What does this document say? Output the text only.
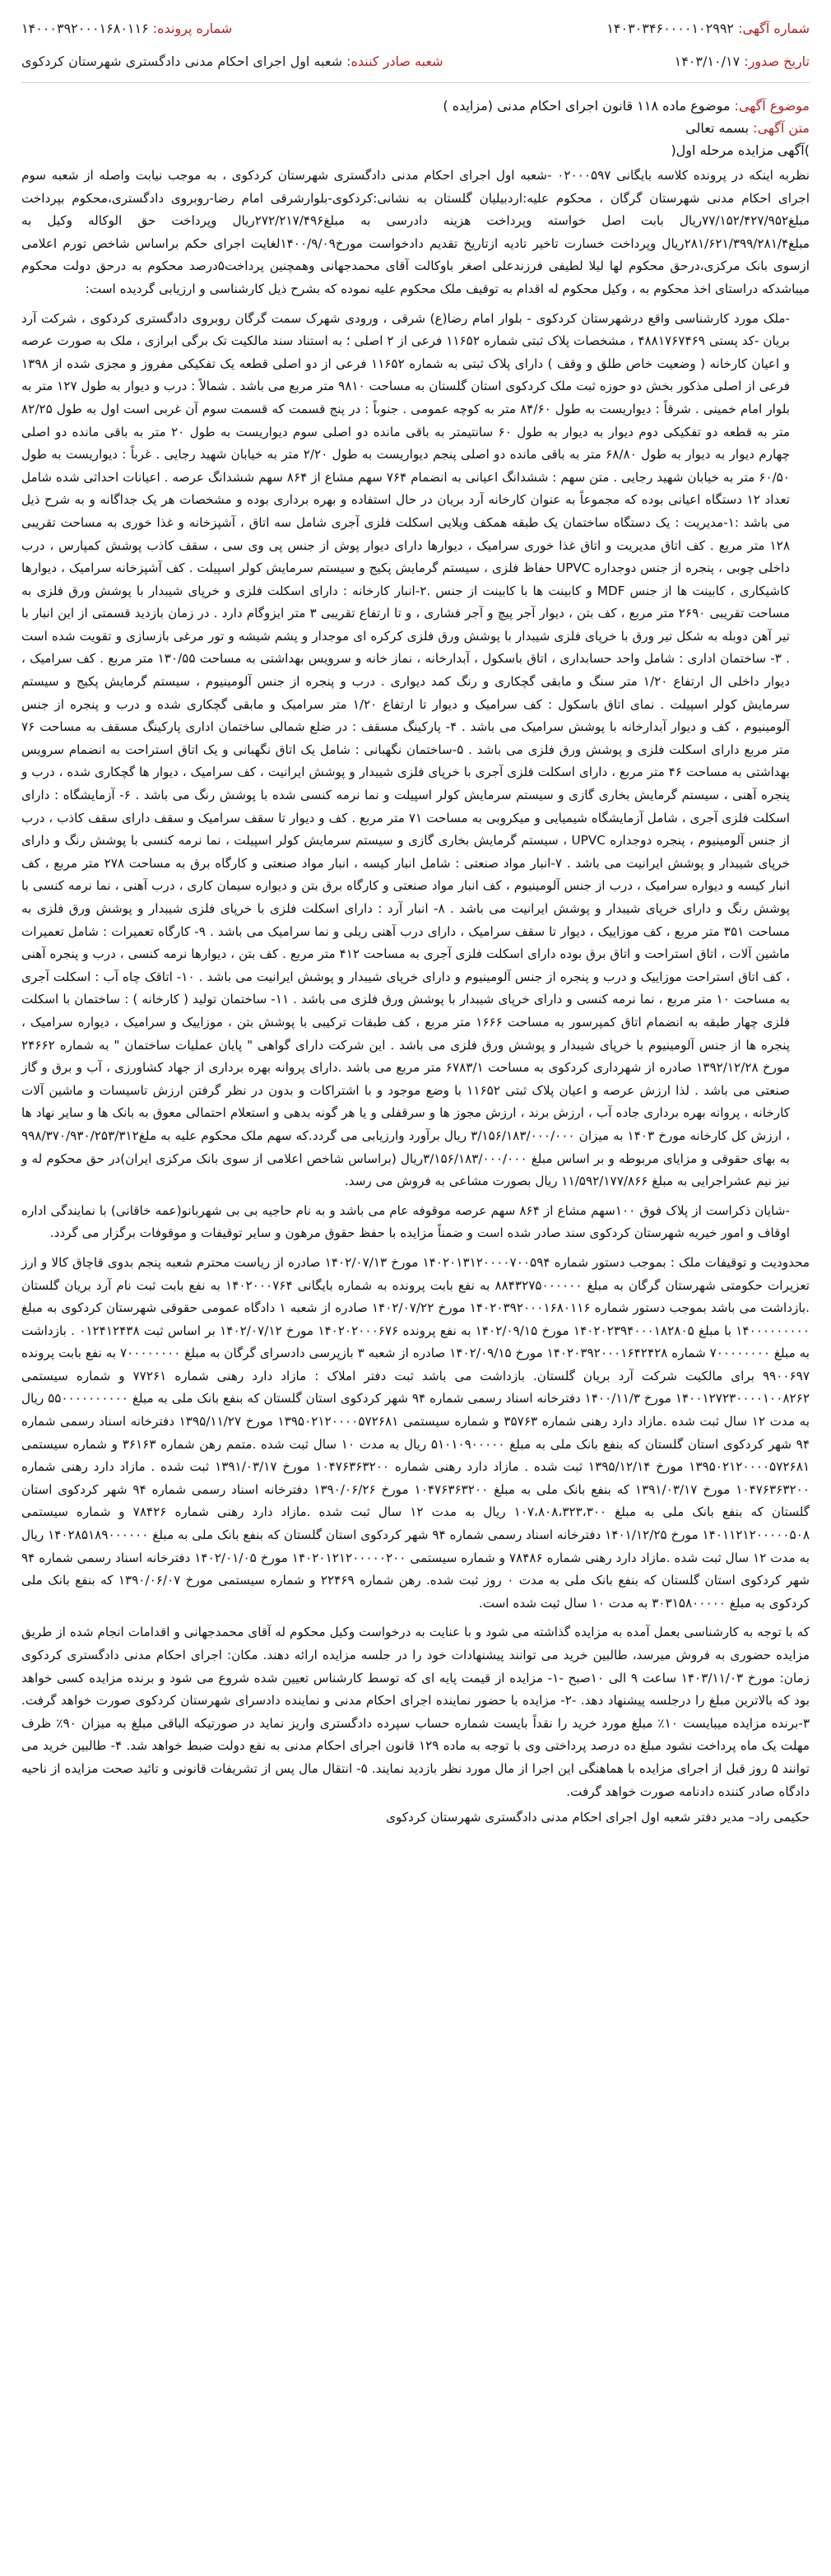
شماره آگهی: ۱۴۰۳۰۳۴۶۰۰۰۰۱۰۲۹۹۲
شماره پرونده: ۱۴۰۰۰۳۹۲۰۰۰۱۶۸۰۱۱۶
تاریخ صدور: ۱۴۰۳/۱۰/۱۷
شعبه صادر کننده: شعبه اول اجرای احکام مدنی دادگستری شهرستان کردکوی
موضوع آگهی: موضوع ماده ۱۱۸ قانون اجرای احکام مدنی (مزایده )
متن آگهی: بسمه تعالی
)آگهی مزایده مرحله اول(

نظربه اینکه در پرونده کلاسه بایگانی ۰۲۰۰۰۵۹۷ -شعبه اول اجرای احکام مدنی دادگستری شهرستان کردکوی ، به موجب نیابت واصله از شعبه سوم اجرای احکام مدنی شهرستان گرگان ، محکوم علیه:اردبیلیان گلستان به نشانی:کردکوی-بلوارشرقی امام رضا-روبروی دادگستری،محکوم بپرداخت مبلغ۷۷/۱۵۲/۴۲۷/۹۵۲ریال بابت اصل خواسته وپرداخت هزینه دادرسی به مبلغ۲۷۲/۲۱۷/۴۹۶ریال وپرداخت حق الوکاله وکیل به مبلغ۲۸۱/۶۲۱/۳۹۹/۲۸۱/۴ریال وپرداخت خسارت تاخیر تادیه ازتاریخ تقدیم دادخواست مورخ۱۴۰۰/۹/۰۹لغایت اجرای حکم براساس شاخص تورم اعلامی ازسوی بانک مرکزی،درحق محکوم لها لیلا لطیفی فرزندعلی اصغر باوکالت آقای محمدجهانی وهمچنین پرداخت۵درصد محکوم به درحق دولت محکوم میباشدکه دراستای اخذ محکوم به ، وکیل محکوم له اقدام به توقیف ملک محکوم علیه نموده که بشرح ذیل کارشناسی و ارزیابی گردیده است:

-ملک مورد کارشناسی واقع درشهرستان کردکوی - بلوار امام رضا(ع) شرقی ، ورودی شهرک سمت گرگان روبروی دادگستری کردکوی ، شرکت آرد بریان -کد پستی ۴۸۸۱۷۶۷۴۶۹ ، مشخصات پلاک ثبتی شماره ۱۱۶۵۲ فرعی از ۲ اصلی ؛ به استناد سند مالکیت تک برگی ابرازی ، ملک به صورت عرصه و اعیان کارخانه ( وضعیت خاص طلق و وقف ) دارای پلاک ثبتی به شماره ۱۱۶۵۲ فرعی از دو اصلی قطعه یک تفکیکی مفروز و مجزی شده از ۱۳۹۸ فرعی از اصلی مذکور بخش دو حوزه ثبت ملک کردکوی استان گلستان به مساحت ۹۸۱۰ متر مربع می باشد . شمالاً : درب و دیوار به طول ۱۲۷ متر به بلوار امام خمینی . شرقاً : دیواریست به طول ۸۴/۶۰ متر به کوچه عمومی . جنوباً : در پنج قسمت که قسمت سوم آن غربی است اول به طول ۸۲/۲۵ متر به قطعه دو تفکیکی دوم دیوار به دیوار به طول ۶۰ سانتیمتر به باقی مانده دو اصلی سوم دیواریست به طول ۲۰ متر به باقی مانده دو اصلی چهارم دیوار به دیوار به طول ۶۸/۸۰ متر به باقی مانده دو اصلی پنجم دیواریست به طول ۲/۲۰ متر به خیابان شهید رجایی . غرباً : دیواریست به طول ۶۰/۵۰ متر به خیابان شهید رجایی . متن سهم : ششدانگ اعیانی به انضمام ۷۶۴ سهم مشاع از ۸۶۴ سهم ششدانگ عرصه . اعیانات احداثی شده شامل تعداد ۱۲ دستگاه اعیانی بوده که مجموعاً به عنوان کارخانه آرد بریان در حال استفاده و بهره برداری بوده و مشخصات هر یک جداگانه و به شرح ذیل می باشد :۱-مدیریت : یک دستگاه ساختمان یک طبقه همکف ویلایی اسکلت فلزی آجری شامل سه اتاق ، آشپزخانه و غذا خوری به مساحت تقریبی ۱۲۸ متر مربع . کف اتاق مدیریت و اتاق غذا خوری سرامیک ، دیوارها دارای دیوار پوش از جنس پی وی سی ، سقف کاذب پوشش کمپارس ، درب داخلی چوبی ، پنجره از جنس دوجداره UPVC حفاظ فلزی ، سیستم گرمایش پکیج و سیستم سرمایش کولر اسپیلت . کف آشپزخانه سرامیک ، دیوارها کاشیکاری ، کابینت ها از جنس MDF و کابینت ها با کابینت از جنس .۲-انبار کارخانه : دارای اسکلت فلزی و خرپای شیبدار با پوشش ورق فلزی به مساحت تقریبی ۲۶۹۰ متر مربع ، کف بتن ، دیوار آجر پیچ و آجر فشاری ، و تا ارتفاع تقریبی ۳ متر ایزوگام دارد . در زمان بازدید قسمتی از این انبار با تیر آهن دوبله به شکل تیر ورق با خرپای فلزی شیبدار با پوشش ورق فلزی کرکره ای موجدار و پشم شیشه و تور مرغی بازسازی و تقویت شده است . ۳- ساختمان اداری : شامل واحد حسابداری ، اتاق باسکول ، آبدارخانه ، نماز خانه و سرویس بهداشتی به مساحت ۱۳۰/۵۵ متر مربع . کف سرامیک ، دیوار داخلی ال ارتفاع ۱/۲۰ متر سنگ و مابقی گچکاری و رنگ کمد دیواری . درب و پنجره از جنس آلومینیوم ، سیستم گرمایش پکیج و سیستم سرمایش کولر اسپیلت . نمای اتاق باسکول : کف سرامیک و دیوار تا ارتفاع ۱/۲۰ متر سرامیک و مابقی گچکاری شده و درب و پنجره از جنس آلومینیوم ، کف و دیوار آبدارخانه با پوشش سرامیک می باشد . ۴- پارکینگ مسقف : در ضلع شمالی ساختمان اداری پارکینگ مسقف به مساحت ۷۶ متر مربع دارای اسکلت فلزی و پوشش ورق فلزی می باشد . ۵-ساختمان نگهبانی : شامل یک اتاق نگهبانی و یک اتاق استراحت به انضمام سرویس بهداشتی به مساحت ۴۶ متر مربع ، دارای اسکلت فلزی آجری با خرپای فلزی شیبدار و پوشش ایرانیت ، کف سرامیک ، دیوار ها گچکاری شده ، درب و پنجره آهنی ، سیستم گرمایش بخاری گازی و سیستم سرمایش کولر اسپیلت و نما نرمه کنسی شده با پوشش رنگ می باشد . ۶- آزمایشگاه : دارای اسکلت فلزی آجری ، شامل آزمایشگاه شیمیایی و میکروبی به مساحت ۷۱ متر مربع . کف و دیوار تا سقف سرامیک و سقف دارای سقف کاذب ، درب از جنس آلومینیوم ، پنجره دوجداره UPVC ، سیستم گرمایش بخاری گازی و سیستم سرمایش کولر اسپیلت ، نما نرمه کنسی با پوشش رنگ و دارای خرپای شیبدار و پوشش ایرانیت می باشد . ۷-انبار مواد صنعتی : شامل انبار کیسه ، انبار مواد صنعتی و کارگاه برق به مساحت ۲۷۸ متر مربع ، کف انبار کیسه و دیواره سرامیک ، درب از جنس آلومینیوم ، کف انبار مواد صنعتی و کارگاه برق بتن و دیواره سیمان کاری ، درب آهنی ، نما نرمه کنسی با پوشش رنگ و دارای خرپای شیبدار و پوشش ایرانیت می باشد . ۸- انبار آرد : دارای اسکلت فلزی با خرپای فلزی شیبدار و پوشش ورق فلزی به مساحت ۳۵۱ متر مربع ، کف موزاییک ، دیوار تا سقف سرامیک ، دارای درب آهنی ریلی و نما سرامیک می باشد . ۹- کارگاه تعمیرات : شامل تعمیرات ماشین آلات ، اتاق استراحت و اتاق برق بوده دارای اسکلت فلزی آجری به مساحت ۴۱۲ متر مربع . کف بتن ، دیوارها نرمه کنسی ، درب و پنجره آهنی ، کف اتاق استراحت موزاییک و درب و پنجره از جنس آلومینیوم و دارای خرپای شیبدار و پوشش ایرانیت می باشد . ۱۰- اتاقک چاه آب : اسکلت آجری به مساحت ۱۰ متر مربع ، نما نرمه کنسی و دارای خرپای شیبدار با پوشش ورق فلزی می باشد . ۱۱- ساختمان تولید ( کارخانه ) : ساختمان با اسکلت فلزی چهار طبقه به انضمام اتاق کمپرسور به مساحت ۱۶۶۶ متر مربع ، کف طبقات ترکیبی با پوشش بتن ، موزاییک و سرامیک ، دیواره سرامیک ، پنجره ها از جنس آلومینیوم با خرپای شیبدار و پوشش ورق فلزی می باشد . این شرکت دارای گواهی " پایان عملیات ساختمان " به شماره ۲۴۶۶۲ مورخ ۱۳۹۲/۱۲/۲۸ صادره از شهرداری کردکوی به مساحت ۶۷۸۳/۱ متر مربع می باشد .دارای پروانه بهره برداری از جهاد کشاورزی ، آب و برق و گاز صنعتی می باشد . لذا ارزش عرصه و اعیان پلاک ثبتی ۱۱۶۵۲ با وضع موجود و با اشتراکات و بدون در نظر گرفتن ارزش تاسیسات و ماشین آلات کارخانه ، پروانه بهره برداری جاده آب ، ارزش برند ، ارزش مجوز ها و سرقفلی و یا هر گونه بدهی و استعلام احتمالی معوق به بانک ها و سایر نهاد ها ، ارزش کل کارخانه مورخ ۱۴۰۳ به میزان ۳/۱۵۶/۱۸۳/۰۰۰/۰۰۰ ریال برآورد وارزیابی می گردد.که سهم ملک محکوم علیه به ملغ۹۹۸/۳۷۰/۹۳۰/۲۵۳/۳۱۲ به بهای حقوقی و مزایای مربوطه و بر اساس مبلغ ۳/۱۵۶/۱۸۳/۰۰۰/۰۰۰ریال (براساس شاخص اعلامی از سوی بانک مرکزی ایران)در حق محکوم له و نیز نیم عشراجرایی به مبلغ ۱۱/۵۹۲/۱۷۷/۸۶۶ ریال بصورت مشاعی به فروش می رسد.

-شایان ذکراست از پلاک فوق ۱۰۰سهم مشاع از ۸۶۴ سهم عرصه موقوفه عام می باشد و به نام حاجیه بی بی شهربانو(عمه خاقانی) با نمایندگی اداره اوقاف و امور خیریه شهرستان کردکوی سند صادر شده است و ضمناً مزایده با حفظ حقوق مرهون و سایر توقیفات و موقوفات برگزار می گردد.

محدودیت و توقیفات ملک : بموجب دستور شماره ۱۴۰۲۰۱۳۱۲۰۰۰۰۷۰۰۵۹۴ مورخ ۱۴۰۲/۰۷/۱۳ صادره از ریاست محترم شعبه پنجم بدوی قاچاق کالا و ارز تعزیرات حکومتی شهرستان گرگان به مبلغ ۸۸۴۳۲۷۵۰۰۰۰۰۰ به نفع بابت پرونده به شماره بایگانی ۱۴۰۲۰۰۰۷۶۴ به نفع بابت ثبت نام آرد بریان گلستان .بازداشت می باشد بموجب دستور شماره ۱۴۰۲۰۳۹۲۰۰۰۱۶۸۰۱۱۶ مورخ ۱۴۰۲/۰۷/۲۲ صادره از شعبه ۱ دادگاه عمومی حقوقی شهرستان کردکوی به مبلغ ۱۴۰۰۰۰۰۰۰۰۰ با مبلغ ۱۴۰۲۰۲۳۹۴۰۰۰۱۸۲۸۰۵ مورخ ۱۴۰۲/۰۹/۱۵ به نفع پرونده ۱۴۰۲۰۲۰۰۰۶۷۶ مورخ ۱۴۰۲/۰۷/۱۲ بر اساس ثبت ۰۱۲۴۱۲۴۳۸ . بازداشت به مبلغ ۷۰۰۰۰۰۰۰۰ شماره ۱۴۰۲۰۳۹۲۰۰۰۱۶۴۲۴۲۸ مورخ ۱۴۰۲/۰۹/۱۵ صادره از شعبه ۳ بازپرسی دادسرای گرگان به مبلغ ۷۰۰۰۰۰۰۰۰ به نفع بابت پرونده ۹۹۰۰۶۹۷ برای مالکیت شرکت آرد بریان گلستان. بازداشت می باشد ثبت دفتر املاک : مازاد دارد رهنی شماره ۷۷۲۶۱ و شماره سیستمی ۱۴۰۰۱۲۷۲۳۰۰۰۰۱۰۰۸۲۶۲ مورخ ۱۴۰۰/۱۱/۳ دفترخانه اسناد رسمی شماره ۹۴ شهر کردکوی استان گلستان که بنفع بانک ملی به مبلغ ۵۵۰۰۰۰۰۰۰۰۰۰ ریال به مدت ۱۲ سال ثبت شده .مازاد دارد رهنی شماره ۳۵۷۶۳ و شماره سیستمی ۱۳۹۵۰۲۱۲۰۰۰۰۵۷۲۶۸۱ مورخ ۱۳۹۵/۱۱/۲۷ دفترخانه اسناد رسمی شماره ۹۴ شهر کردکوی استان گلستان که بنفع بانک ملی به مبلغ ۵۱۰۱۰۹۰۰۰۰۰ ریال به مدت ۱۰ سال ثبت شده .متمم رهن شماره ۳۶۱۶۳ و شماره سیستمی ۱۳۹۵۰۲۱۲۰۰۰۰۵۷۲۶۸۱ مورخ ۱۳۹۵/۱۲/۱۴ ثبت شده . مازاد دارد رهنی شماره ۱۰۴۷۶۳۶۳۲۰۰ مورخ ۱۳۹۱/۰۳/۱۷ ثبت شده . مازاد دارد رهنی شماره ۱۰۴۷۶۳۶۳۲۰۰ مورخ ۱۳۹۱/۰۳/۱۷ که بنفع بانک ملی به مبلغ ۱۰۴۷۶۳۶۳۲۰۰ مورخ ۱۳۹۰/۰۶/۲۶ دفترخانه اسناد رسمی شماره ۹۴ شهر کردکوی استان گلستان که بنفع بانک ملی به مبلغ ۱۰۷،۸۰۸،۳۲۳،۳۰۰ ریال به مدت ۱۲ سال ثبت شده .مازاد دارد رهنی شماره ۷۸۴۲۶ و شماره سیستمی ۱۴۰۱۱۲۱۲۰۰۰۰۰۵۰۸ مورخ ۱۴۰۱/۱۲/۲۵ دفترخانه اسناد رسمی شماره ۹۴ شهر کردکوی استان گلستان که بنفع بانک ملی به مبلغ ۱۴۰۲۸۵۱۸۹۰۰۰۰۰۰ ریال به مدت ۱۲ سال ثبت شده .مازاد دارد رهنی شماره ۷۸۴۸۶ و شماره سیستمی ۱۴۰۲۰۱۲۱۲۰۰۰۰۰۲۰۰ مورخ ۱۴۰۲/۰۱/۰۵ دفترخانه اسناد رسمی شماره ۹۴ شهر کردکوی استان گلستان که بنفع بانک ملی به مدت ۰ روز ثبت شده. رهن شماره ۲۲۴۶۹ و شماره سیستمی مورخ ۱۳۹۰/۰۶/۰۷ که بنفع بانک ملی کردکوی به مبلغ ۳۰۳۱۵۸۰۰۰۰۰ به مدت ۱۰ سال ثبت شده است.

که با توجه به کارشناسی بعمل آمده به مزایده گذاشته می شود و با عنایت به درخواست وکیل محکوم له آقای محمدجهانی و اقدامات انجام شده از طریق مزایده حضوری به فروش میرسد، طالبین خرید می توانند پیشنهادات خود را در جلسه مزایده ارائه دهند. مکان: اجرای احکام مدنی دادگستری کردکوی زمان: مورخ ۱۴۰۳/۱۱/۰۳ ساعت ۹ الی ۱۰صبح -۱- مزایده از قیمت پایه ای که توسط کارشناس تعیین شده شروع می شود و برنده مزایده کسی خواهد بود که بالاترین مبلغ را درجلسه پیشنهاد دهد. -۲- مزایده با حضور نماینده اجرای احکام مدنی و نماینده دادسرای شهرستان کردکوی صورت خواهد گرفت. ۳-برنده مزایده میبایست ۱۰٪ مبلغ مورد خرید را نقداً بایست شماره حساب سپرده دادگستری واریز نماید در صورتیکه الباقی مبلغ به میزان ۹۰٪ ظرف مهلت یک ماه پرداخت نشود مبلغ ده درصد پرداختی وی با توجه به ماده ۱۲۹ قانون اجرای احکام مدنی به نفع دولت ضبط خواهد شد. ۴- طالبین خرید می توانند ۵ روز قبل از اجرای مزایده با هماهنگی این اجرا از مال مورد نظر بازدید نمایند. ۵- انتقال مال پس از تشریفات قانونی و تائید صحت مزایده از ناحیه دادگاه صادر کننده دادنامه صورت خواهد گرفت.

حکیمی راد– مدیر دفتر شعبه اول اجرای احکام مدنی دادگستری شهرستان کردکوی
